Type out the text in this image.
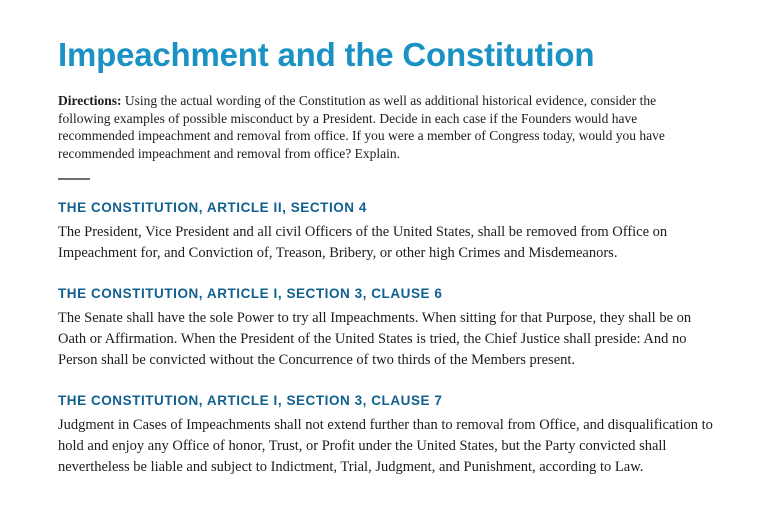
Impeachment and the Constitution

Directions: Using the actual wording of the Constitution as well as additional historical evidence, consider the following examples of possible misconduct by a President. Decide in each case if the Founders would have recommended impeachment and removal from office. If you were a member of Congress today, would you have recommended impeachment and removal from office? Explain.

THE CONSTITUTION, ARTICLE II, SECTION 4

The President, Vice President and all civil Officers of the United States, shall be removed from Office on Impeachment for, and Conviction of, Treason, Bribery, or other high Crimes and Misdemeanors.

THE CONSTITUTION, ARTICLE I, SECTION 3, CLAUSE 6

The Senate shall have the sole Power to try all Impeachments. When sitting for that Purpose, they shall be on Oath or Affirmation. When the President of the United States is tried, the Chief Justice shall preside: And no Person shall be convicted without the Concurrence of two thirds of the Members present.

THE CONSTITUTION, ARTICLE I, SECTION 3, CLAUSE 7

Judgment in Cases of Impeachments shall not extend further than to removal from Office, and disqualification to hold and enjoy any Office of honor, Trust, or Profit under the United States, but the Party convicted shall nevertheless be liable and subject to Indictment, Trial, Judgment, and Punishment, according to Law.
